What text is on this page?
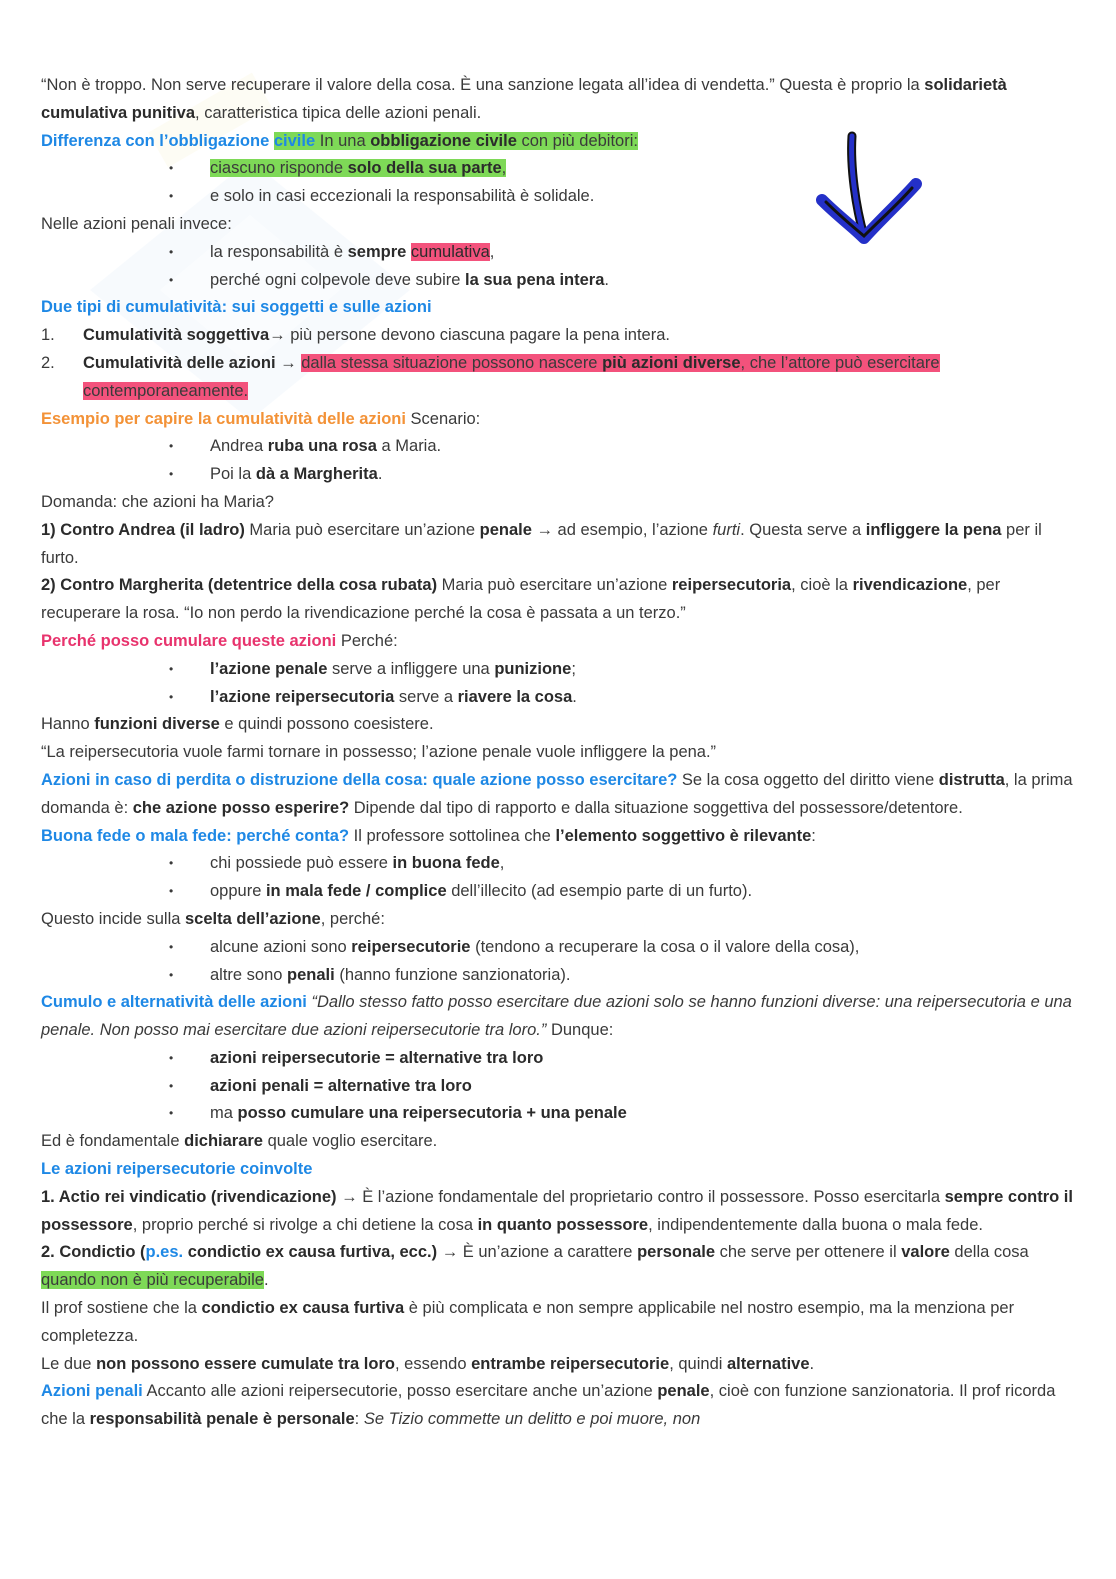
“Non è troppo. Non serve recuperare il valore della cosa. È una sanzione legata all’idea di vendetta.” Questa è proprio la solidarietà cumulativa punitiva, caratteristica tipica delle azioni penali.

Differenza con l’obbligazione civile In una obbligazione civile con più debitori:

• ciascuno risponde solo della sua parte,

• e solo in casi eccezionali la responsabilità è solidale.

Nelle azioni penali invece:

• la responsabilità è sempre cumulativa,

• perché ogni colpevole deve subire la sua pena intera.

Due tipi di cumulatività: sui soggetti e sulle azioni

1. Cumulatività soggettiva→ più persone devono ciascuna pagare la pena intera.

2. Cumulatività delle azioni → dalla stessa situazione possono nascere più azioni diverse, che l’attore può esercitare contemporaneamente.

Esempio per capire la cumulatività delle azioni Scenario:

• Andrea ruba una rosa a Maria.

• Poi la dà a Margherita.

Domanda: che azioni ha Maria?

1) Contro Andrea (il ladro) Maria può esercitare un’azione penale → ad esempio, l’azione furti. Questa serve a infliggere la pena per il furto.

2) Contro Margherita (detentrice della cosa rubata) Maria può esercitare un’azione reipersecutoria, cioè la rivendicazione, per recuperare la rosa. “Io non perdo la rivendicazione perché la cosa è passata a un terzo.”

Perché posso cumulare queste azioni Perché:

• l’azione penale serve a infliggere una punizione;

• l’azione reipersecutoria serve a riavere la cosa.

Hanno funzioni diverse e quindi possono coesistere.

“La reipersecutoria vuole farmi tornare in possesso; l’azione penale vuole infliggere la pena.”

Azioni in caso di perdita o distruzione della cosa: quale azione posso esercitare? Se la cosa oggetto del diritto viene distrutta, la prima domanda è: che azione posso esperire? Dipende dal tipo di rapporto e dalla situazione soggettiva del possessore/detentore.

Buona fede o mala fede: perché conta? Il professore sottolinea che l’elemento soggettivo è rilevante:

• chi possiede può essere in buona fede,

• oppure in mala fede / complice dell’illecito (ad esempio parte di un furto).

Questo incide sulla scelta dell’azione, perché:

• alcune azioni sono reipersecutorie (tendono a recuperare la cosa o il valore della cosa),

• altre sono penali (hanno funzione sanzionatoria).

Cumulo e alternatività delle azioni “Dallo stesso fatto posso esercitare due azioni solo se hanno funzioni diverse: una reipersecutoria e una penale. Non posso mai esercitare due azioni reipersecutorie tra loro.” Dunque:

• azioni reipersecutorie = alternative tra loro

• azioni penali = alternative tra loro

• ma posso cumulare una reipersecutoria + una penale

Ed è fondamentale dichiarare quale voglio esercitare.

Le azioni reipersecutorie coinvolte

1. Actio rei vindicatio (rivendicazione) → È l’azione fondamentale del proprietario contro il possessore. Posso esercitarla sempre contro il possessore, proprio perché si rivolge a chi detiene la cosa in quanto possessore, indipendentemente dalla buona o mala fede.

2. Condictio (p.es. condictio ex causa furtiva, ecc.) → È un’azione a carattere personale che serve per ottenere il valore della cosa quando non è più recuperabile.

Il prof sostiene che la condictio ex causa furtiva è più complicata e non sempre applicabile nel nostro esempio, ma la menziona per completezza.

Le due non possono essere cumulate tra loro, essendo entrambe reipersecutorie, quindi alternative.

Azioni penali Accanto alle azioni reipersecutorie, posso esercitare anche un’azione penale, cioè con funzione sanzionatoria. Il prof ricorda che la responsabilità penale è personale: Se Tizio commette un delitto e poi muore, non
